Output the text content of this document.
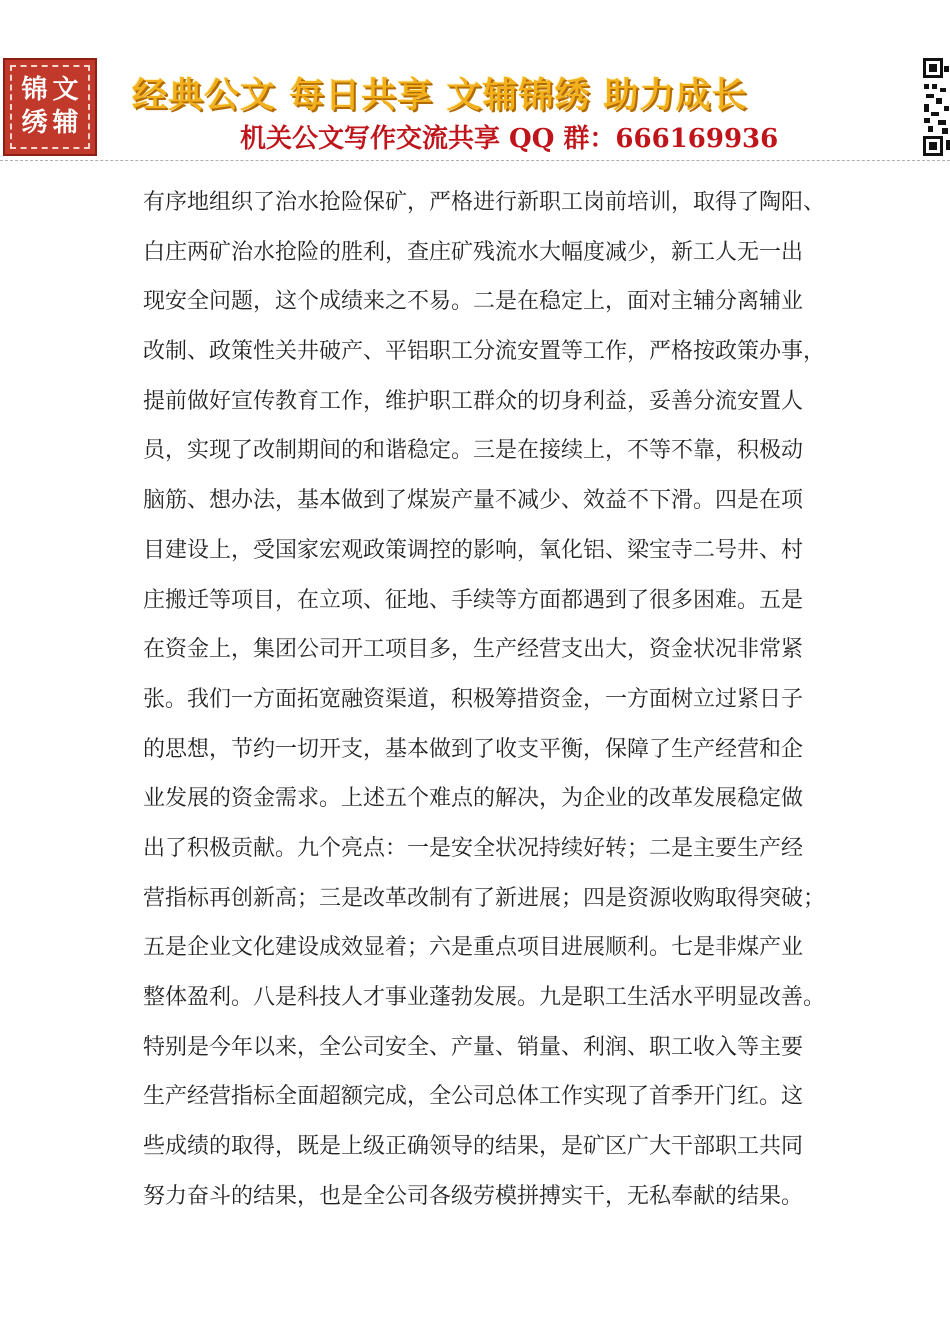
锦 文
绣 辅
经典公文 每日共享 文辅锦绣 助力成长
机关公文写作交流共享 QQ 群：666169936
有序地组织了治水抢险保矿，严格进行新职工岗前培训，取得了陶阳、
白庄两矿治水抢险的胜利，查庄矿残流水大幅度减少，新工人无一出
现安全问题，这个成绩来之不易。二是在稳定上，面对主辅分离辅业
改制、政策性关井破产、平铝职工分流安置等工作，严格按政策办事，
提前做好宣传教育工作，维护职工群众的切身利益，妥善分流安置人
员，实现了改制期间的和谐稳定。三是在接续上，不等不靠，积极动
脑筋、想办法，基本做到了煤炭产量不减少、效益不下滑。四是在项
目建设上，受国家宏观政策调控的影响，氧化铝、梁宝寺二号井、村
庄搬迁等项目，在立项、征地、手续等方面都遇到了很多困难。五是
在资金上，集团公司开工项目多，生产经营支出大，资金状况非常紧
张。我们一方面拓宽融资渠道，积极筹措资金，一方面树立过紧日子
的思想，节约一切开支，基本做到了收支平衡，保障了生产经营和企
业发展的资金需求。上述五个难点的解决，为企业的改革发展稳定做
出了积极贡献。九个亮点：一是安全状况持续好转；二是主要生产经
营指标再创新高；三是改革改制有了新进展；四是资源收购取得突破；
五是企业文化建设成效显着；六是重点项目进展顺利。七是非煤产业
整体盈利。八是科技人才事业蓬勃发展。九是职工生活水平明显改善。
特别是今年以来，全公司安全、产量、销量、利润、职工收入等主要
生产经营指标全面超额完成，全公司总体工作实现了首季开门红。这
些成绩的取得，既是上级正确领导的结果，是矿区广大干部职工共同
努力奋斗的结果，也是全公司各级劳模拼搏实干，无私奉献的结果。
